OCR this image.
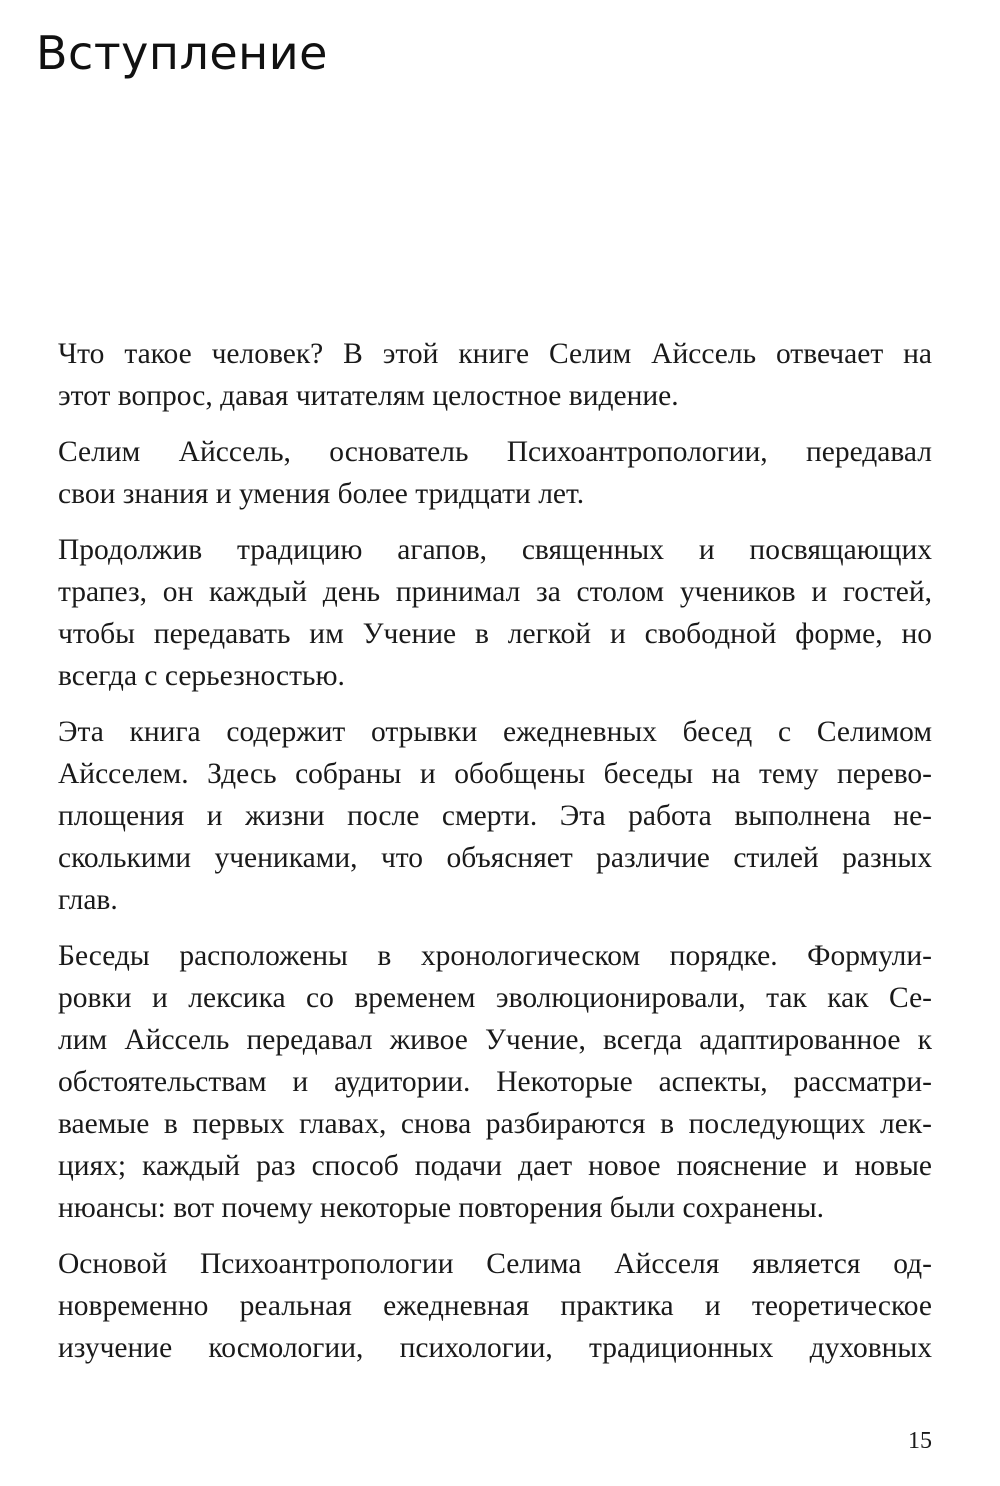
Вступление

Что такое человек? В этой книге Селим Айссель отвечает на
этот вопрос, давая читателям целостное видение.

Селим Айссель, основатель Психоантропологии, передавал
свои знания и умения более тридцати лет.

Продолжив традицию агапов, священных и посвящающих
трапез, он каждый день принимал за столом учеников и гостей,
чтобы передавать им Учение в легкой и свободной форме, но
всегда с серьезностью.

Эта книга содержит отрывки ежедневных бесед с Селимом
Айсселем. Здесь собраны и обобщены беседы на тему перево-
площения и жизни после смерти. Эта работа выполнена не-
сколькими учениками, что объясняет различие стилей разных
глав.

Беседы расположены в хронологическом порядке. Формули-
ровки и лексика со временем эволюционировали, так как Се-
лим Айссель передавал живое Учение, всегда адаптированное к
обстоятельствам и аудитории. Некоторые аспекты, рассматри-
ваемые в первых главах, снова разбираются в последующих лек-
циях; каждый раз способ подачи дает новое пояснение и новые
нюансы: вот почему некоторые повторения были сохранены.

Основой Психоантропологии Селима Айсселя является од-
новременно реальная ежедневная практика и теоретическое
изучение космологии, психологии, традиционных духовных

15
